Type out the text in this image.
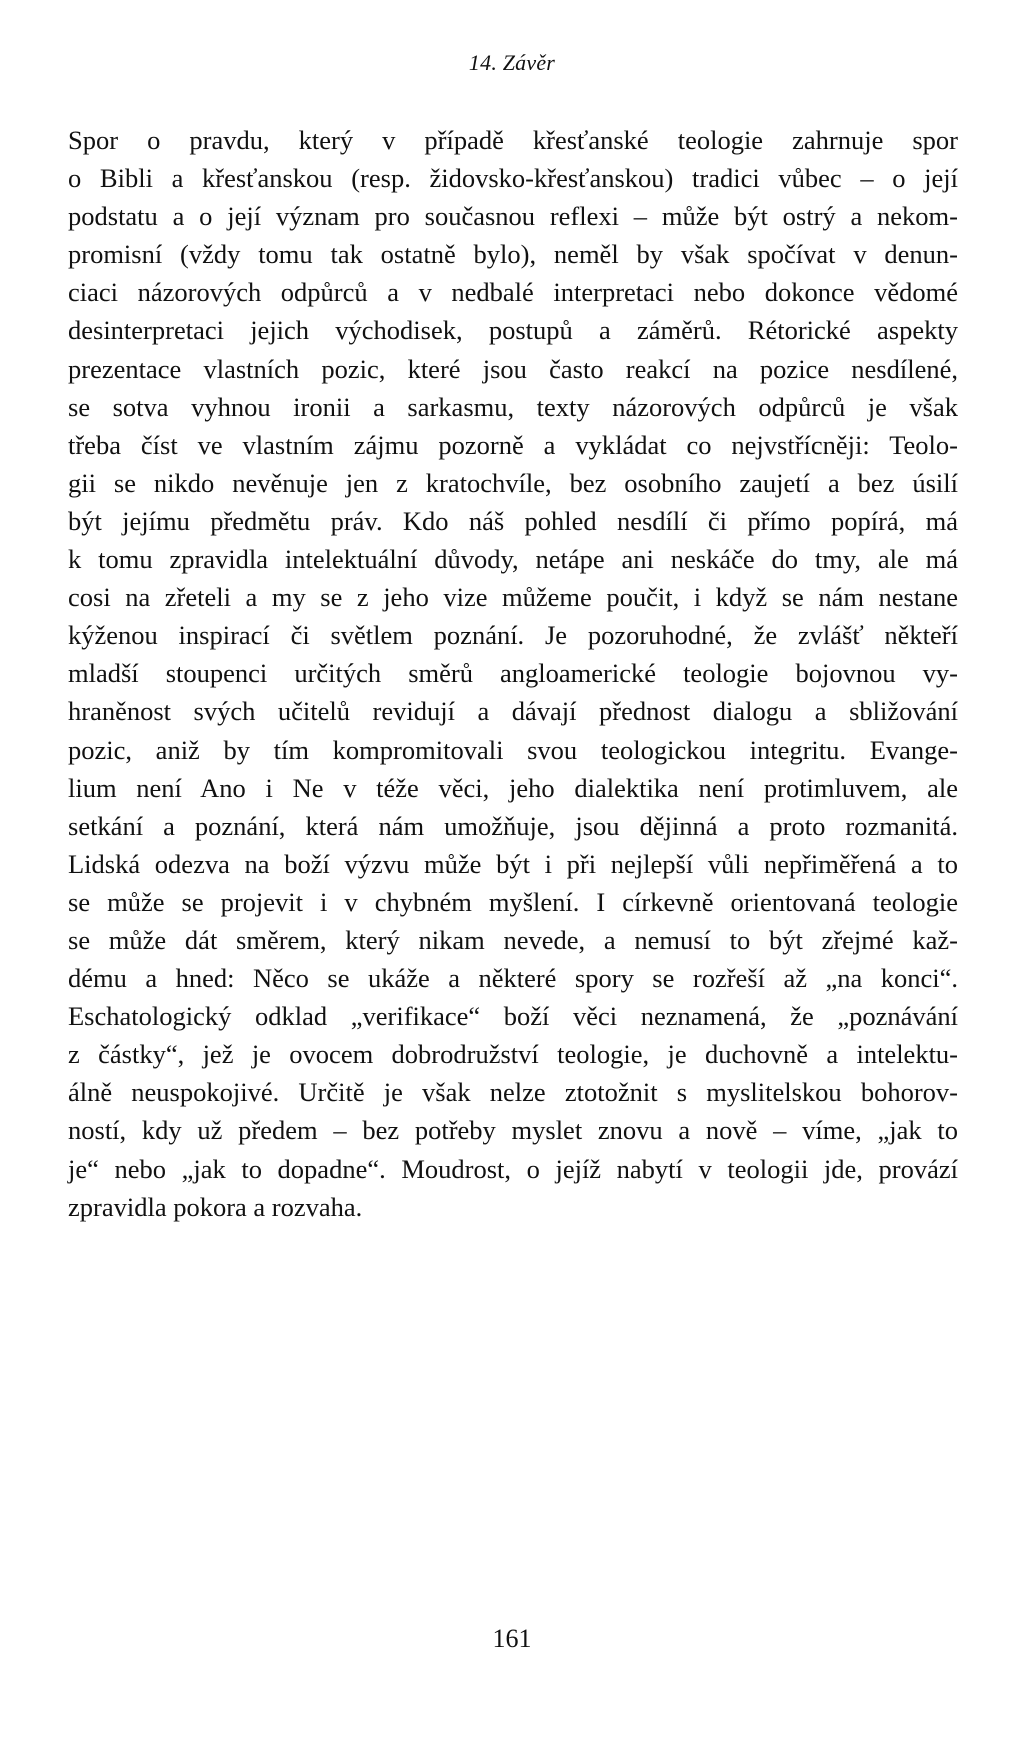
14. Závěr
Spor o pravdu, který v případě křesťanské teologie zahrnuje spor
o Bibli a křesťanskou (resp. židovsko-křesťanskou) tradici vůbec – o její
podstatu a o její význam pro současnou reflexi – může být ostrý a nekom-
promisní (vždy tomu tak ostatně bylo), neměl by však spočívat v denun-
ciaci názorových odpůrců a v nedbalé interpretaci nebo dokonce vědomé
desinterpretaci jejich východisek, postupů a záměrů. Rétorické aspekty
prezentace vlastních pozic, které jsou často reakcí na pozice nesdílené,
se sotva vyhnou ironii a sarkasmu, texty názorových odpůrců je však
třeba číst ve vlastním zájmu pozorně a vykládat co nejvstřícněji: Teolo-
gii se nikdo nevěnuje jen z kratochvíle, bez osobního zaujetí a bez úsilí
být jejímu předmětu práv. Kdo náš pohled nesdílí či přímo popírá, má
k tomu zpravidla intelektuální důvody, netápe ani neskáče do tmy, ale má
cosi na zřeteli a my se z jeho vize můžeme poučit, i když se nám nestane
kýženou inspirací či světlem poznání. Je pozoruhodné, že zvlášť někteří
mladší stoupenci určitých směrů angloamerické teologie bojovnou vy-
hraněnost svých učitelů revidují a dávají přednost dialogu a sbližování
pozic, aniž by tím kompromitovali svou teologickou integritu. Evange-
lium není Ano i Ne v téže věci, jeho dialektika není protimluvem, ale
setkání a poznání, která nám umožňuje, jsou dějinná a proto rozmanitá.
Lidská odezva na boží výzvu může být i při nejlepší vůli nepřiměřená a to
se může se projevit i v chybném myšlení. I církevně orientovaná teologie
se může dát směrem, který nikam nevede, a nemusí to být zřejmé kaž-
dému a hned: Něco se ukáže a některé spory se rozřeší až „na konci“.
Eschatologický odklad „verifikace“ boží věci neznamená, že „poznávání
z částky“, jež je ovocem dobrodružství teologie, je duchovně a intelektu-
álně neuspokojivé. Určitě je však nelze ztotožnit s myslitelskou bohorov-
ností, kdy už předem – bez potřeby myslet znovu a nově – víme, „jak to
je“ nebo „jak to dopadne“. Moudrost, o jejíž nabytí v teologii jde, provází
zpravidla pokora a rozvaha.
161
